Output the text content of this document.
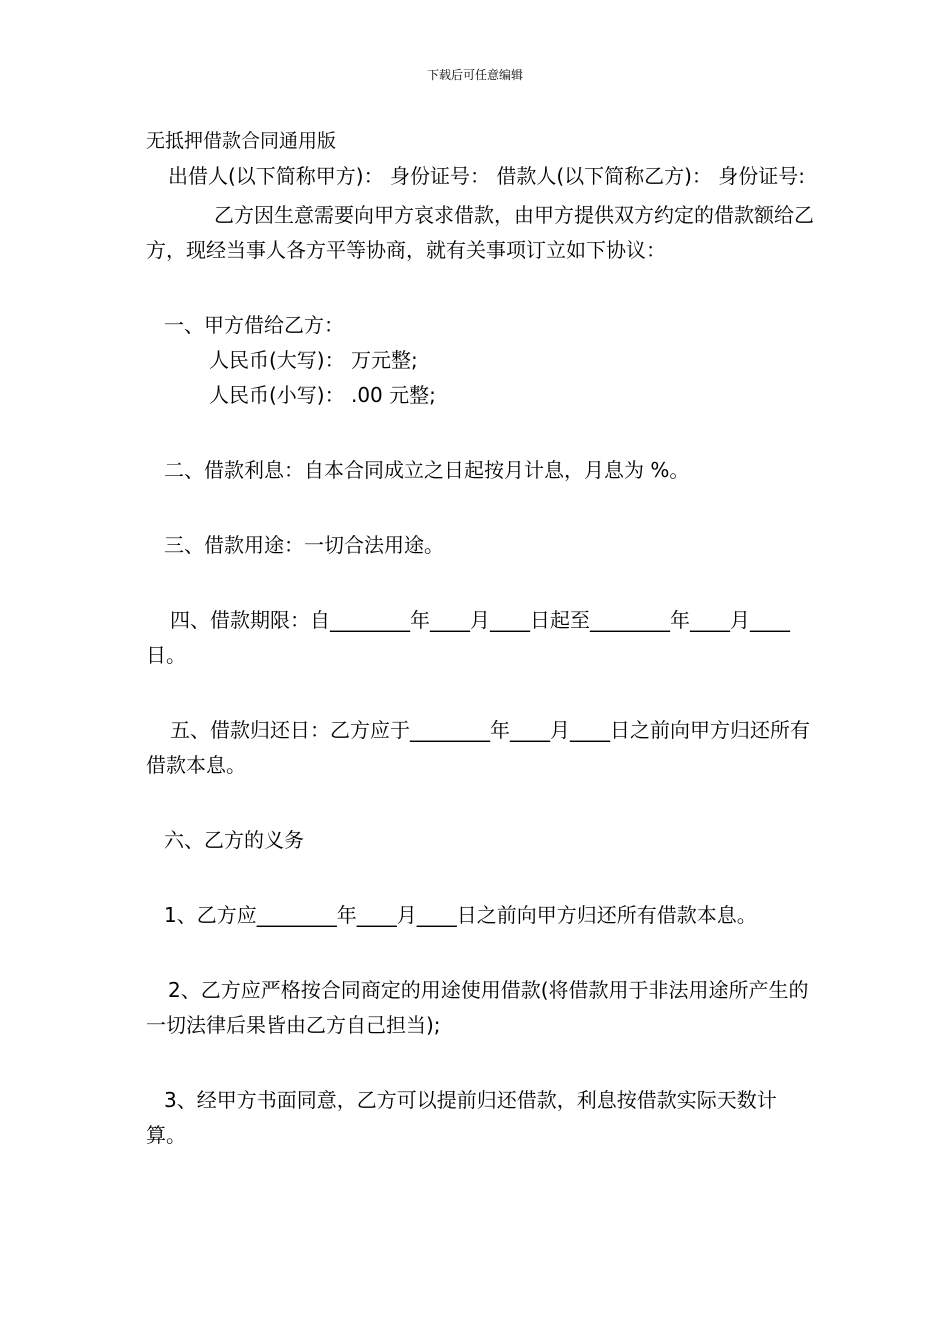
下载后可任意编辑

无抵押借款合同通用版

出借人(以下简称甲方)： 身份证号： 借款人(以下简称乙方)： 身份证号:

乙方因生意需要向甲方哀求借款，由甲方提供双方约定的借款额给乙方，现经当事人各方平等协商，就有关事项订立如下协议：

一、甲方借给乙方：

人民币(大写)： 万元整;

人民币(小写)： .00 元整;

二、借款利息：自本合同成立之日起按月计息，月息为 %。

三、借款用途：一切合法用途。

四、借款期限：自________年____月____日起至________年____月____日。

五、借款归还日：乙方应于________年____月____日之前向甲方归还所有借款本息。

六、乙方的义务

1、乙方应________年____月____日之前向甲方归还所有借款本息。

2、乙方应严格按合同商定的用途使用借款(将借款用于非法用途所产生的一切法律后果皆由乙方自己担当);

3、经甲方书面同意，乙方可以提前归还借款，利息按借款实际天数计算。
